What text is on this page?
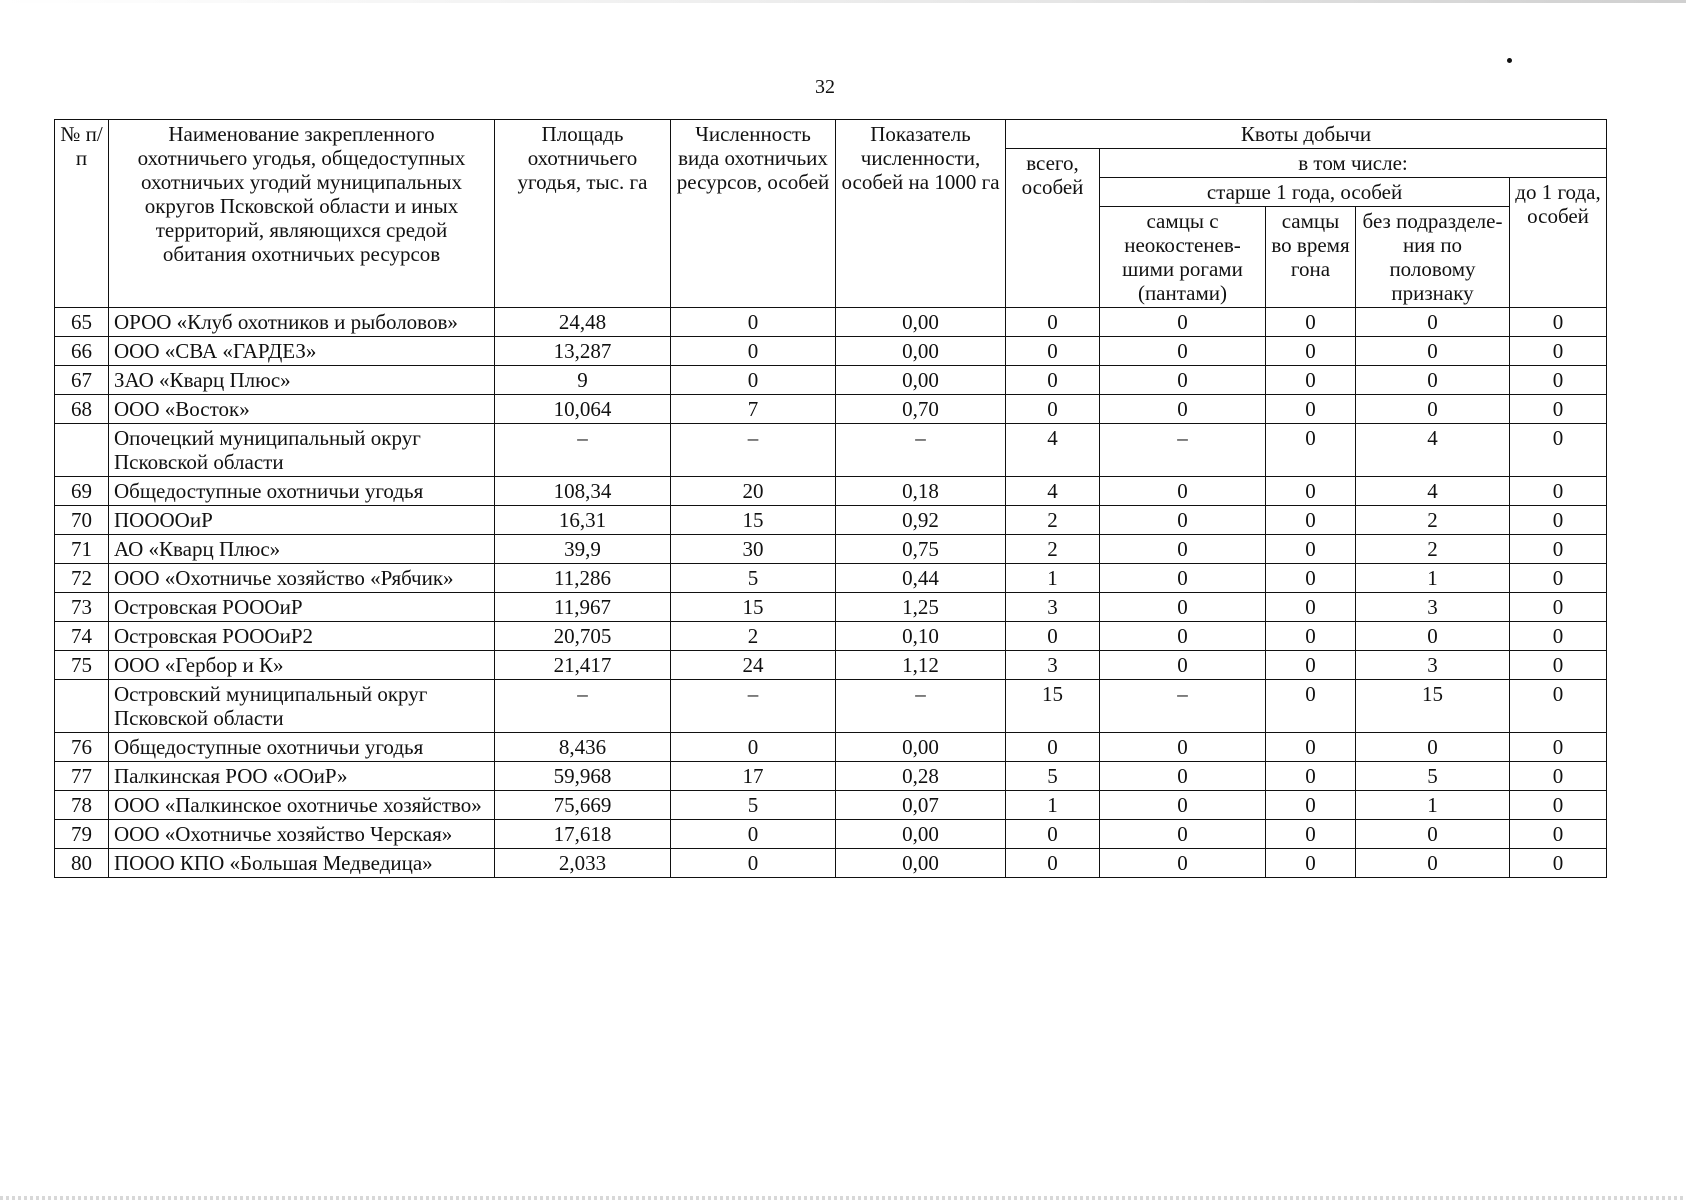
32
№ п/п	Наименование закрепленного охотничьего угодья, общедоступных охотничьих угодий муниципальных округов Псковской области и иных территорий, являющихся средой обитания охотничьих ресурсов	Площадь охотничьего угодья, тыс. га	Численность вида охотничьих ресурсов, особей	Показатель численности, особей на 1000 га	Квоты добычи				
					всего, особей	в том числе:			
						старше 1 года, особей			до 1 года, особей
						самцы с неокостенев-шими рогами (пантами)	самцы во время гона	без подразделе-ния по половому признаку	
65	ОРОО «Клуб охотников и рыболовов»	24,48	0	0,00	0	0	0	0	0
66	ООО «СВА «ГАРДЕЗ»	13,287	0	0,00	0	0	0	0	0
67	ЗАО «Кварц Плюс»	9	0	0,00	0	0	0	0	0
68	ООО «Восток»	10,064	7	0,70	0	0	0	0	0
	Опочецкий муниципальный округ Псковской области	–	–	–	4	–	0	4	0
69	Общедоступные охотничьи угодья	108,34	20	0,18	4	0	0	4	0
70	ПООООиР	16,31	15	0,92	2	0	0	2	0
71	АО «Кварц Плюс»	39,9	30	0,75	2	0	0	2	0
72	ООО «Охотничье хозяйство «Рябчик»	11,286	5	0,44	1	0	0	1	0
73	Островская РОООиР	11,967	15	1,25	3	0	0	3	0
74	Островская РОООиР2	20,705	2	0,10	0	0	0	0	0
75	ООО «Гербор и К»	21,417	24	1,12	3	0	0	3	0
	Островский муниципальный округ Псковской области	–	–	–	15	–	0	15	0
76	Общедоступные охотничьи угодья	8,436	0	0,00	0	0	0	0	0
77	Палкинская РОО «ООиР»	59,968	17	0,28	5	0	0	5	0
78	ООО «Палкинское охотничье хозяйство»	75,669	5	0,07	1	0	0	1	0
79	ООО «Охотничье хозяйство Черская»	17,618	0	0,00	0	0	0	0	0
80	ПООО КПО «Большая Медведица»	2,033	0	0,00	0	0	0	0	0
